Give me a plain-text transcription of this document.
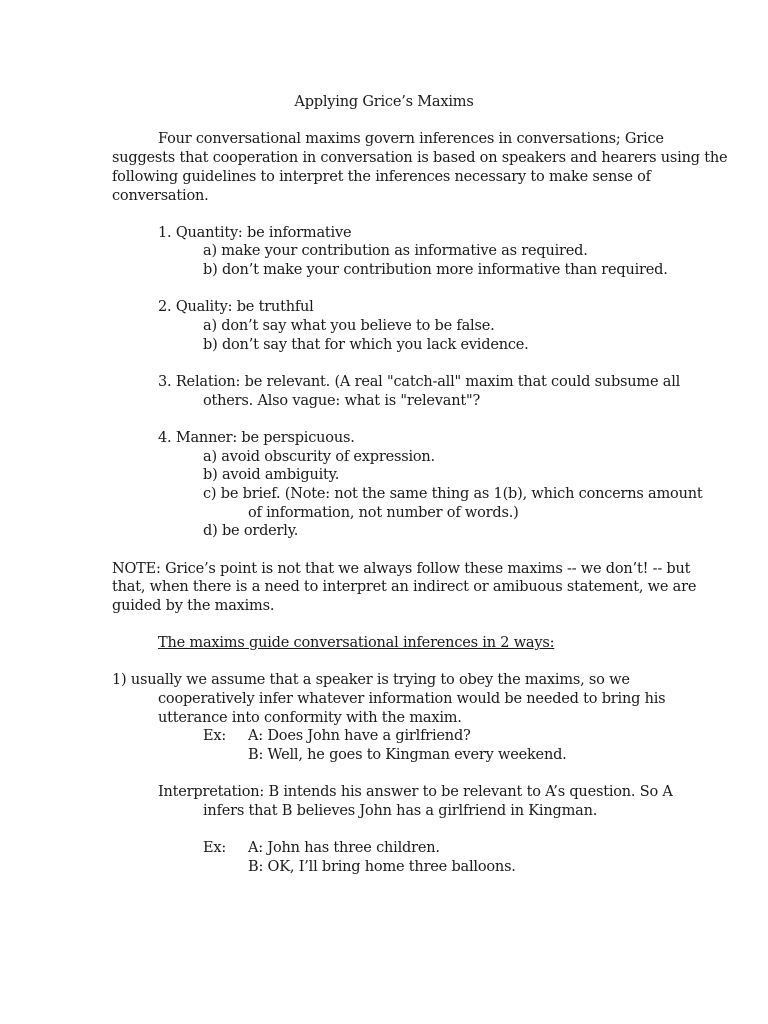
Applying Grice’s Maxims
Four conversational maxims govern inferences in conversations; Grice
suggests that cooperation in conversation is based on speakers and hearers using the
following guidelines to interpret the inferences necessary to make sense of
conversation.
1. Quantity: be informative
a) make your contribution as informative as required.
b) don’t make your contribution more informative than required.
2. Quality: be truthful
a) don’t say what you believe to be false.
b) don’t say that for which you lack evidence.
3. Relation: be relevant. (A real "catch-all" maxim that could subsume all
others. Also vague: what is "relevant"?
4. Manner: be perspicuous.
a) avoid obscurity of expression.
b) avoid ambiguity.
c) be brief. (Note: not the same thing as 1(b), which concerns amount
of information, not number of words.)
d) be orderly.
NOTE: Grice’s point is not that we always follow these maxims -- we don’t! -- but
that, when there is a need to interpret an indirect or amibuous statement, we are
guided by the maxims.
The maxims guide conversational inferences in 2 ways:
1) usually we assume that a speaker is trying to obey the maxims, so we
cooperatively infer whatever information would be needed to bring his
utterance into conformity with the maxim.
Ex: A: Does John have a girlfriend?
B: Well, he goes to Kingman every weekend.
Interpretation: B intends his answer to be relevant to A’s question. So A
infers that B believes John has a girlfriend in Kingman.
Ex: A: John has three children.
B: OK, I’ll bring home three balloons.
